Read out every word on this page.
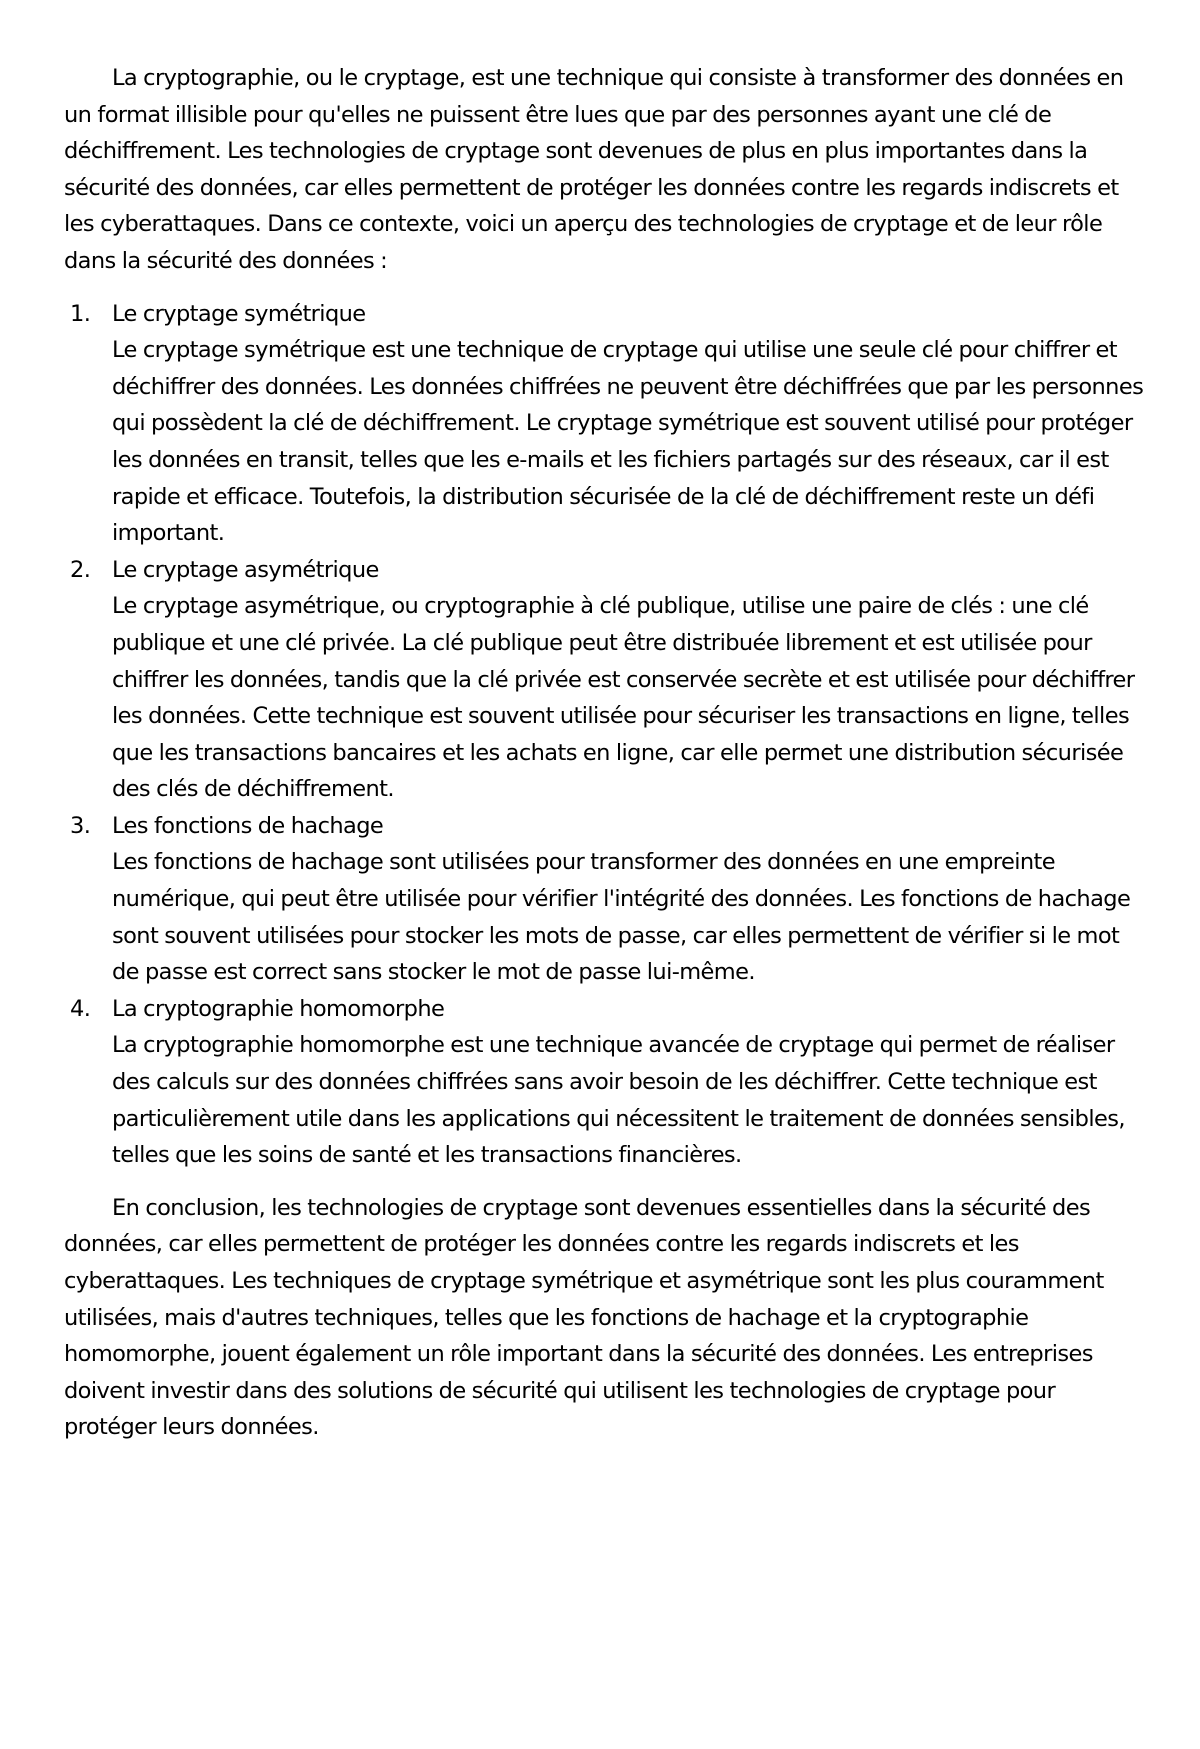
La cryptographie, ou le cryptage, est une technique qui consiste à transformer des données en un format illisible pour qu'elles ne puissent être lues que par des personnes ayant une clé de déchiffrement. Les technologies de cryptage sont devenues de plus en plus importantes dans la sécurité des données, car elles permettent de protéger les données contre les regards indiscrets et les cyberattaques. Dans ce contexte, voici un aperçu des technologies de cryptage et de leur rôle dans la sécurité des données :

1. Le cryptage symétrique
Le cryptage symétrique est une technique de cryptage qui utilise une seule clé pour chiffrer et déchiffrer des données. Les données chiffrées ne peuvent être déchiffrées que par les personnes qui possèdent la clé de déchiffrement. Le cryptage symétrique est souvent utilisé pour protéger les données en transit, telles que les e-mails et les fichiers partagés sur des réseaux, car il est rapide et efficace. Toutefois, la distribution sécurisée de la clé de déchiffrement reste un défi important.
2. Le cryptage asymétrique
Le cryptage asymétrique, ou cryptographie à clé publique, utilise une paire de clés : une clé publique et une clé privée. La clé publique peut être distribuée librement et est utilisée pour chiffrer les données, tandis que la clé privée est conservée secrète et est utilisée pour déchiffrer les données. Cette technique est souvent utilisée pour sécuriser les transactions en ligne, telles que les transactions bancaires et les achats en ligne, car elle permet une distribution sécurisée des clés de déchiffrement.
3. Les fonctions de hachage
Les fonctions de hachage sont utilisées pour transformer des données en une empreinte numérique, qui peut être utilisée pour vérifier l'intégrité des données. Les fonctions de hachage sont souvent utilisées pour stocker les mots de passe, car elles permettent de vérifier si le mot de passe est correct sans stocker le mot de passe lui-même.
4. La cryptographie homomorphe
La cryptographie homomorphe est une technique avancée de cryptage qui permet de réaliser des calculs sur des données chiffrées sans avoir besoin de les déchiffrer. Cette technique est particulièrement utile dans les applications qui nécessitent le traitement de données sensibles, telles que les soins de santé et les transactions financières.

En conclusion, les technologies de cryptage sont devenues essentielles dans la sécurité des données, car elles permettent de protéger les données contre les regards indiscrets et les cyberattaques. Les techniques de cryptage symétrique et asymétrique sont les plus couramment utilisées, mais d'autres techniques, telles que les fonctions de hachage et la cryptographie homomorphe, jouent également un rôle important dans la sécurité des données. Les entreprises doivent investir dans des solutions de sécurité qui utilisent les technologies de cryptage pour protéger leurs données.
